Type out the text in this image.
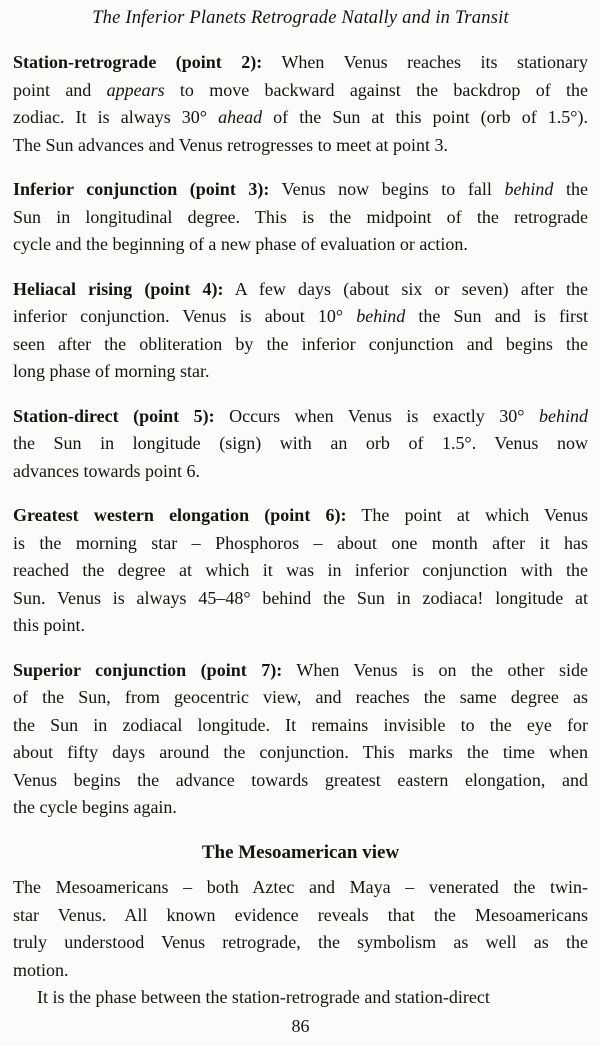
The Inferior Planets Retrograde Natally and in Transit
Station-retrograde (point 2): When Venus reaches its stationary
point and appears to move backward against the backdrop of the
zodiac. It is always 30° ahead of the Sun at this point (orb of 1.5°).
The Sun advances and Venus retrogresses to meet at point 3.
Inferior conjunction (point 3): Venus now begins to fall behind the
Sun in longitudinal degree. This is the midpoint of the retrograde
cycle and the beginning of a new phase of evaluation or action.
Heliacal rising (point 4): A few days (about six or seven) after the
inferior conjunction. Venus is about 10° behind the Sun and is first
seen after the obliteration by the inferior conjunction and begins the
long phase of morning star.
Station-direct (point 5): Occurs when Venus is exactly 30° behind
the Sun in longitude (sign) with an orb of 1.5°. Venus now
advances towards point 6.
Greatest western elongation (point 6): The point at which Venus
is the morning star – Phosphoros – about one month after it has
reached the degree at which it was in inferior conjunction with the
Sun. Venus is always 45–48° behind the Sun in zodiaca! longitude at
this point.
Superior conjunction (point 7): When Venus is on the other side
of the Sun, from geocentric view, and reaches the same degree as
the Sun in zodiacal longitude. It remains invisible to the eye for
about fifty days around the conjunction. This marks the time when
Venus begins the advance towards greatest eastern elongation, and
the cycle begins again.
The Mesoamerican view
The Mesoamericans – both Aztec and Maya – venerated the twin-
star Venus. All known evidence reveals that the Mesoamericans
truly understood Venus retrograde, the symbolism as well as the
motion.
It is the phase between the station-retrograde and station-direct
86
